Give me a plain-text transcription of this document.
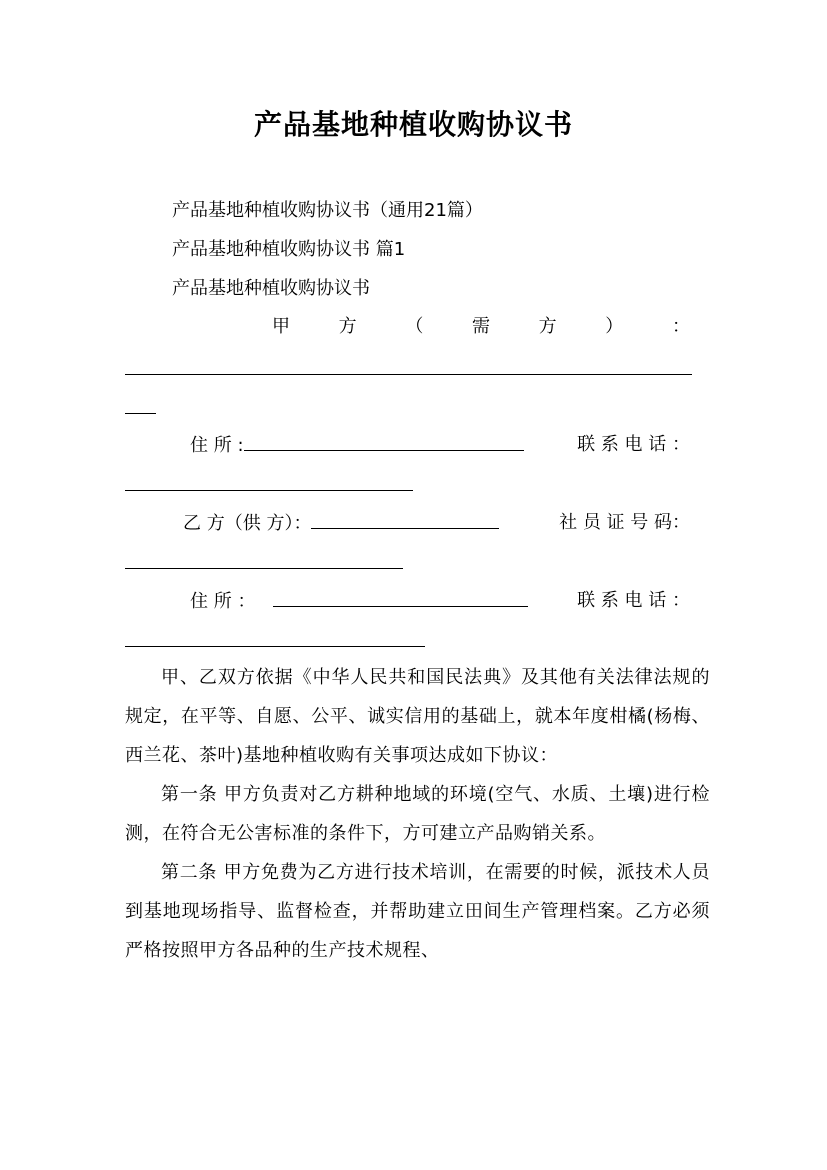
产品基地种植收购协议书
产品基地种植收购协议书（通用21篇）
产品基地种植收购协议书 篇1
产品基地种植收购协议书
甲	方	（	需	方	）	：
住 所 :	联 系 电 话 ：
乙 方（供 方）：	社 员 证 号 码：
住 所 ：	联 系 电 话 ：

甲、乙双方依据《中华人民共和国民法典》及其他有关法律法规的规定，在平等、自愿、公平、诚实信用的基础上，就本年度柑橘(杨梅、西兰花、茶叶)基地种植收购有关事项达成如下协议：

第一条 甲方负责对乙方耕种地域的环境(空气、水质、土壤)进行检测，在符合无公害标准的条件下，方可建立产品购销关系。

第二条 甲方免费为乙方进行技术培训，在需要的时候，派技术人员到基地现场指导、监督检查，并帮助建立田间生产管理档案。乙方必须严格按照甲方各品种的生产技术规程、
